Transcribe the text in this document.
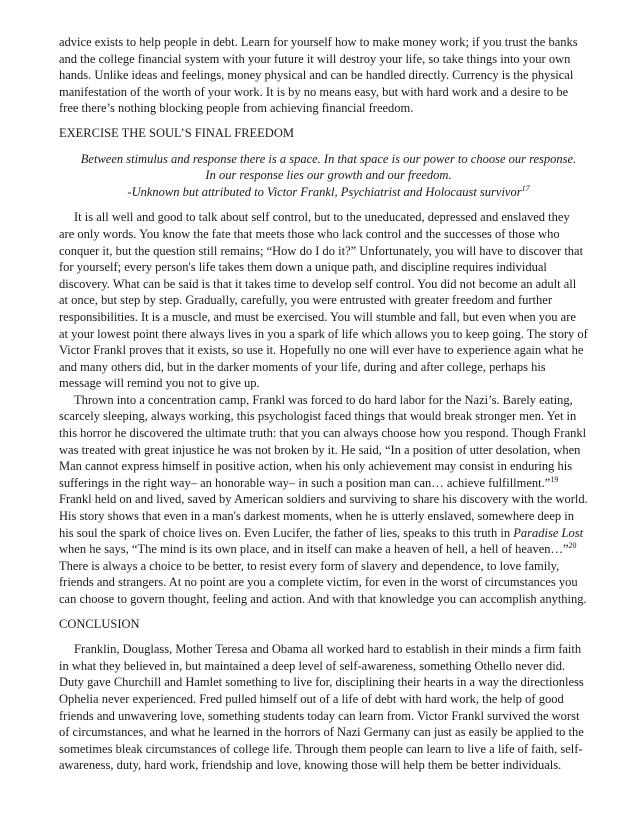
advice exists to help people in debt. Learn for yourself how to make money work; if you trust the banks and the college financial system with your future it will destroy your life, so take things into your own hands. Unlike ideas and feelings, money physical and can be handled directly. Currency is the physical manifestation of the worth of your work. It is by no means easy, but with hard work and a desire to be free there’s nothing blocking people from achieving financial freedom.

EXERCISE THE SOUL’S FINAL FREEDOM

Between stimulus and response there is a space. In that space is our power to choose our response.
In our response lies our growth and our freedom.
-Unknown but attributed to Victor Frankl, Psychiatrist and Holocaust survivor$^{17}$

It is all well and good to talk about self control, but to the uneducated, depressed and enslaved they are only words. You know the fate that meets those who lack control and the successes of those who conquer it, but the question still remains; “How do I do it?” Unfortunately, you will have to discover that for yourself; every person's life takes them down a unique path, and discipline requires individual discovery. What can be said is that it takes time to develop self control. You did not become an adult all at once, but step by step. Gradually, carefully, you were entrusted with greater freedom and further responsibilities. It is a muscle, and must be exercised. You will stumble and fall, but even when you are at your lowest point there always lives in you a spark of life which allows you to keep going. The story of Victor Frankl proves that it exists, so use it. Hopefully no one will ever have to experience again what he and many others did, but in the darker moments of your life, during and after college, perhaps his message will remind you not to give up.

Thrown into a concentration camp, Frankl was forced to do hard labor for the Nazi’s. Barely eating, scarcely sleeping, always working, this psychologist faced things that would break stronger men. Yet in this horror he discovered the ultimate truth: that you can always choose how you respond. Though Frankl was treated with great injustice he was not broken by it. He said, “In a position of utter desolation, when Man cannot express himself in positive action, when his only achievement may consist in enduring his sufferings in the right way– an honorable way– in such a position man can… achieve fulfillment.”$^{19}$ Frankl held on and lived, saved by American soldiers and surviving to share his discovery with the world. His story shows that even in a man's darkest moments, when he is utterly enslaved, somewhere deep in his soul the spark of choice lives on. Even Lucifer, the father of lies, speaks to this truth in Paradise Lost when he says, “The mind is its own place, and in itself can make a heaven of hell, a hell of heaven…”$^{20}$ There is always a choice to be better, to resist every form of slavery and dependence, to love family, friends and strangers. At no point are you a complete victim, for even in the worst of circumstances you can choose to govern thought, feeling and action. And with that knowledge you can accomplish anything.

CONCLUSION

Franklin, Douglass, Mother Teresa and Obama all worked hard to establish in their minds a firm faith in what they believed in, but maintained a deep level of self-awareness, something Othello never did. Duty gave Churchill and Hamlet something to live for, disciplining their hearts in a way the directionless Ophelia never experienced. Fred pulled himself out of a life of debt with hard work, the help of good friends and unwavering love, something students today can learn from. Victor Frankl survived the worst of circumstances, and what he learned in the horrors of Nazi Germany can just as easily be applied to the sometimes bleak circumstances of college life. Through them people can learn to live a life of faith, self-awareness, duty, hard work, friendship and love, knowing those will help them be better individuals.
